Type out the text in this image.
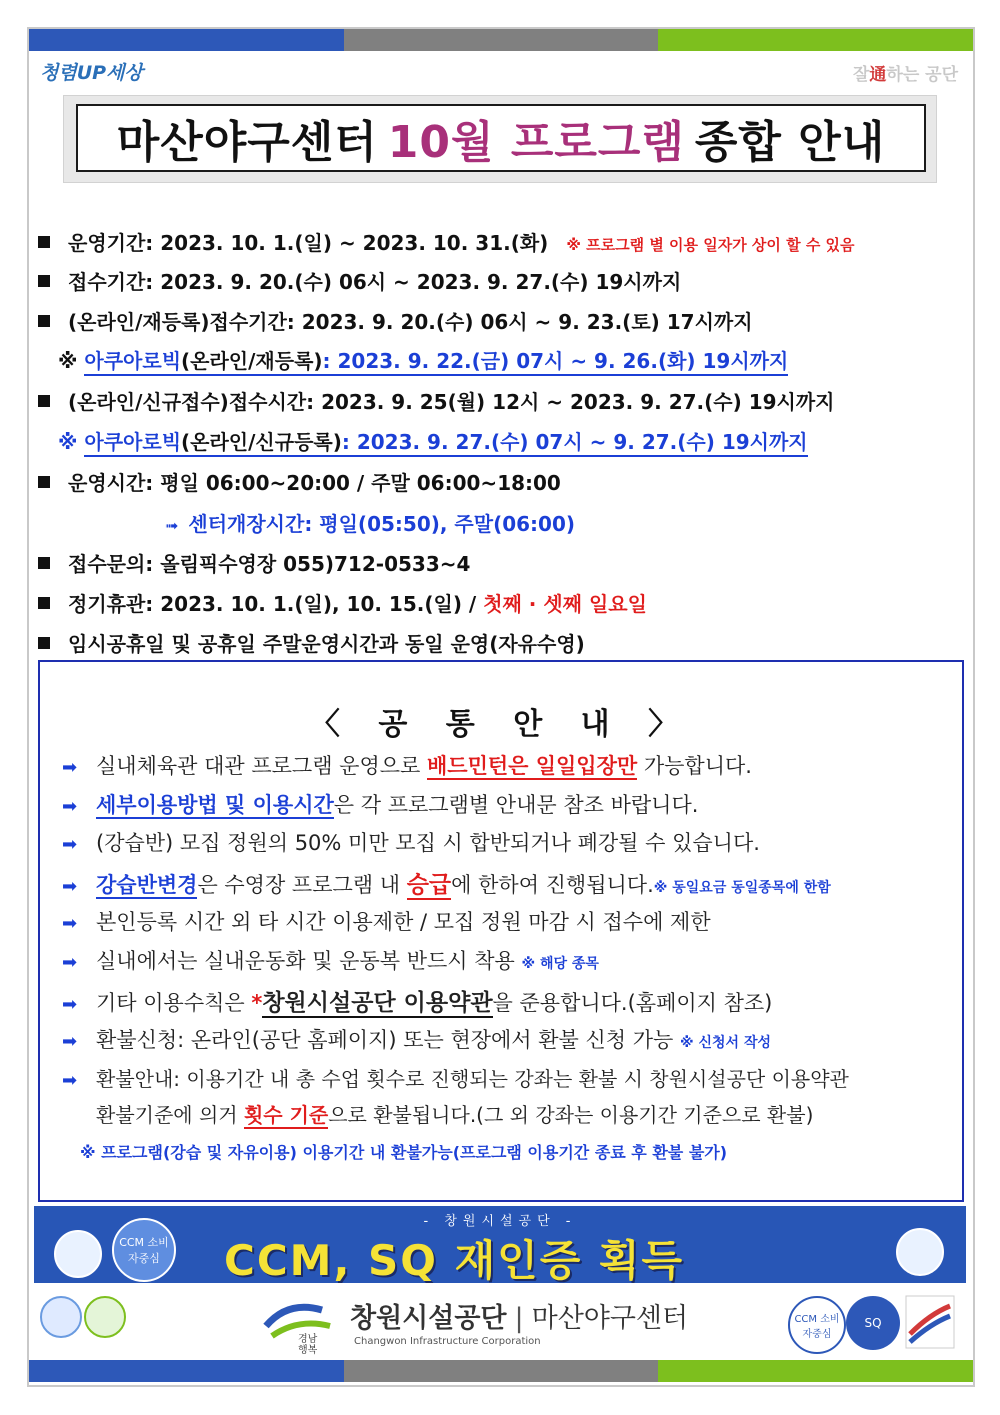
청렴UP세상	잘通하는 공단
마산야구센터 10월 프로그램 종합 안내
운영기간: 2023. 10. 1.(일) ~ 2023. 10. 31.(화) ※ 프로그램 별 이용 일자가 상이 할 수 있음
접수기간: 2023. 9. 20.(수) 06시 ~ 2023. 9. 27.(수) 19시까지
(온라인/재등록)접수기간: 2023. 9. 20.(수) 06시 ~ 9. 23.(토) 17시까지
※ 아쿠아로빅(온라인/재등록): 2023. 9. 22.(금) 07시 ~ 9. 26.(화) 19시까지
(온라인/신규접수)접수시간: 2023. 9. 25(월) 12시 ~ 2023. 9. 27.(수) 19시까지
※ 아쿠아로빅(온라인/신규등록): 2023. 9. 27.(수) 07시 ~ 9. 27.(수) 19시까지
운영시간: 평일 06:00~20:00 / 주말 06:00~18:00
➟ 센터개장시간: 평일(05:50), 주말(06:00)
접수문의: 올림픽수영장 055)712-0533~4
정기휴관: 2023. 10. 1.(일), 10. 15.(일) / 첫째 · 셋째 일요일
임시공휴일 및 공휴일 주말운영시간과 동일 운영(자유수영)
〈 공 통 안 내 〉
➡ 실내체육관 대관 프로그램 운영으로 배드민턴은 일일입장만 가능합니다.
➡ 세부이용방법 및 이용시간은 각 프로그램별 안내문 참조 바랍니다.
➡ (강습반) 모집 정원의 50% 미만 모집 시 합반되거나 폐강될 수 있습니다.
➡ 강습반변경은 수영장 프로그램 내 승급에 한하여 진행됩니다.※ 동일요금 동일종목에 한함
➡ 본인등록 시간 외 타 시간 이용제한 / 모집 정원 마감 시 접수에 제한
➡ 실내에서는 실내운동화 및 운동복 반드시 착용 ※ 해당 종목
➡ 기타 이용수칙은 *창원시설공단 이용약관을 준용합니다.(홈페이지 참조)
➡ 환불신청: 온라인(공단 홈페이지) 또는 현장에서 환불 신청 가능 ※ 신청서 작성
➡ 환불안내: 이용기간 내 총 수업 횟수로 진행되는 강좌는 환불 시 창원시설공단 이용약관
환불기준에 의거 횟수 기준으로 환불됩니다.(그 외 강좌는 이용기간 기준으로 환불)
※ 프로그램(강습 및 자유이용) 이용기간 내 환불가능(프로그램 이용기간 종료 후 환불 불가)
- 창원시설공단 -
CCM 소비자중심	CCM, SQ 재인증 획득
경남 행복
창원시설공단 | 마산야구센터
Changwon Infrastructure Corporation
CCM 소비자중심
SQ
